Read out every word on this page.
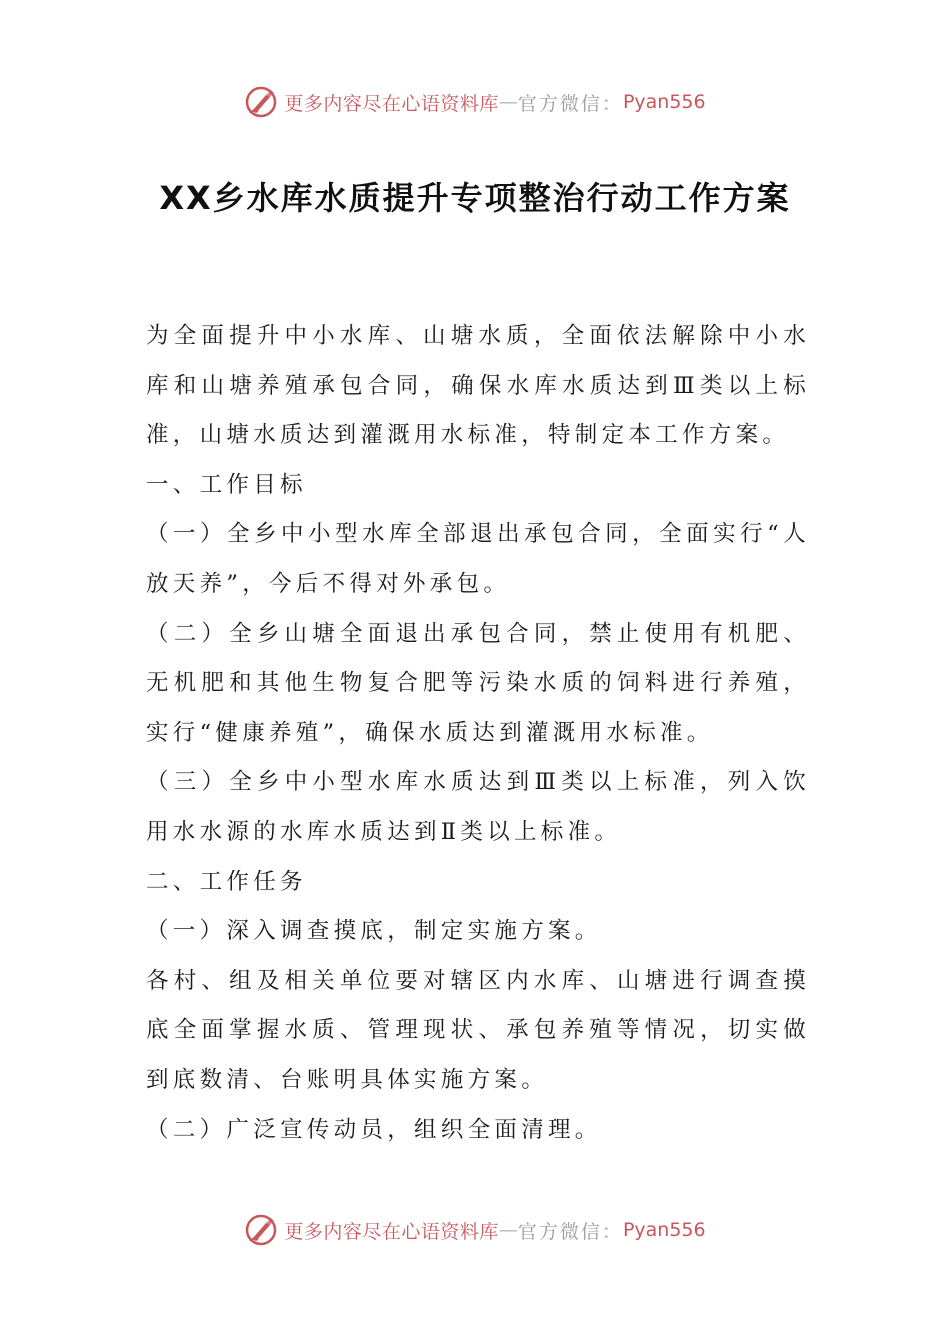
更多内容尽在心语资料库 — 官方微信： Pyan556
XX乡水库水质提升专项整治行动工作方案

为全面提升中小水库、山塘水质，全面依法解除中小水库和山塘养殖承包合同，确保水库水质达到Ⅲ类以上标准，山塘水质达到灌溉用水标准，特制定本工作方案。

一、工作目标

（一）全乡中小型水库全部退出承包合同，全面实行“人放天养”，今后不得对外承包。

（二）全乡山塘全面退出承包合同，禁止使用有机肥、无机肥和其他生物复合肥等污染水质的饲料进行养殖，实行“健康养殖”，确保水质达到灌溉用水标准。

（三）全乡中小型水库水质达到Ⅲ类以上标准，列入饮用水水源的水库水质达到Ⅱ类以上标准。

二、工作任务

（一）深入调查摸底，制定实施方案。

各村、组及相关单位要对辖区内水库、山塘进行调查摸底全面掌握水质、管理现状、承包养殖等情况，切实做到底数清、台账明具体实施方案。

（二）广泛宣传动员，组织全面清理。

更多内容尽在心语资料库 — 官方微信： Pyan556
